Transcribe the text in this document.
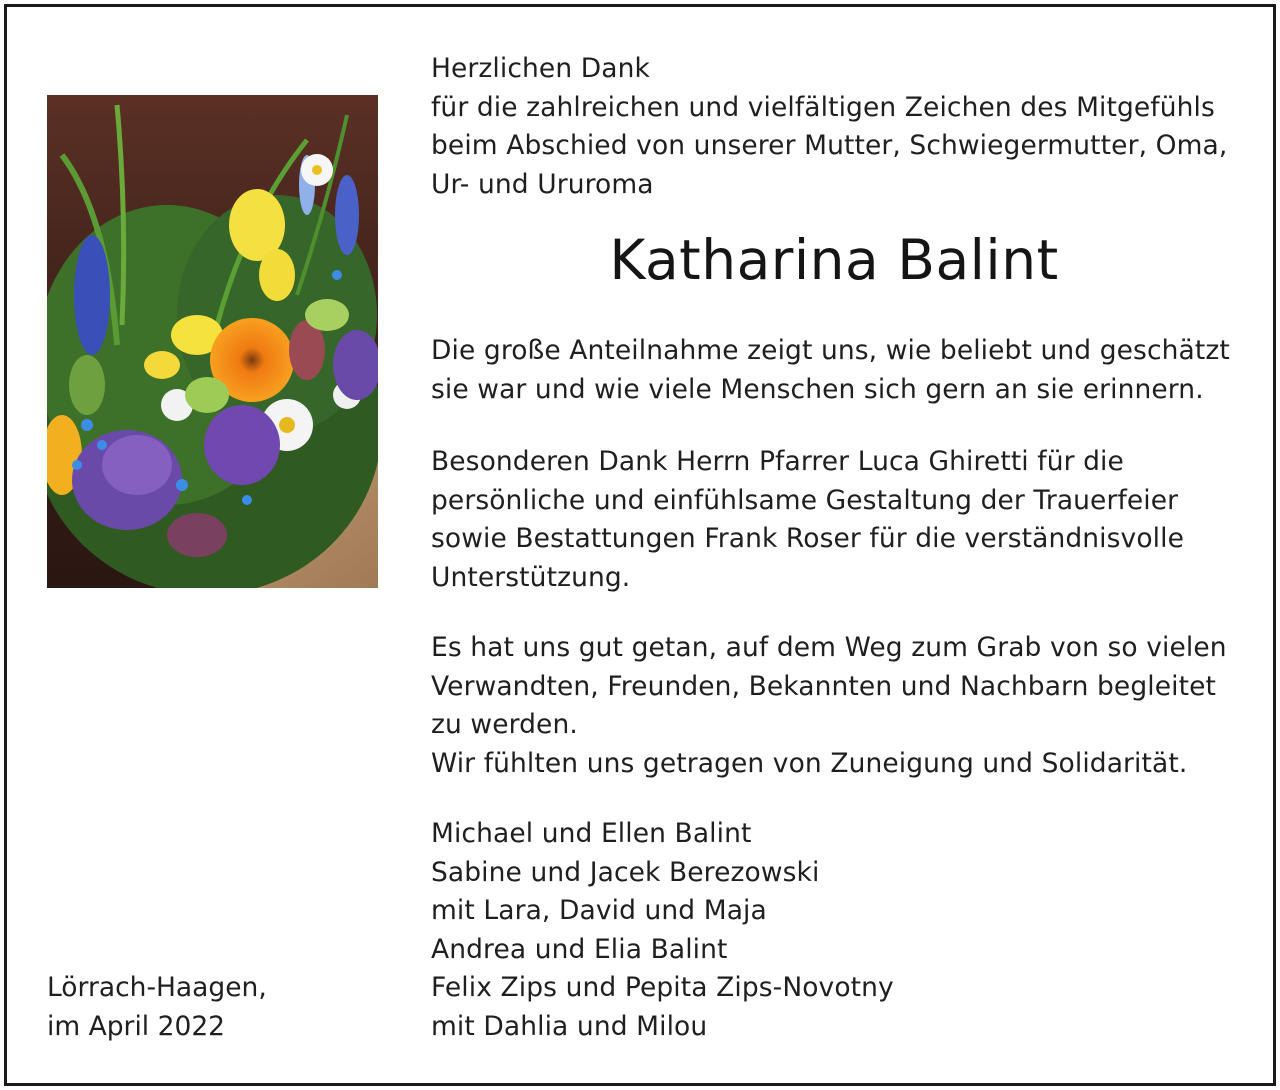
Herzlichen Dank
für die zahlreichen und vielfältigen Zeichen des Mitgefühls
beim Abschied von unserer Mutter, Schwiegermutter, Oma,
Ur- und Ururoma
Katharina Balint
Die große Anteilnahme zeigt uns, wie beliebt und geschätzt
sie war und wie viele Menschen sich gern an sie erinnern.
Besonderen Dank Herrn Pfarrer Luca Ghiretti für die
persönliche und einfühlsame Gestaltung der Trauerfeier
sowie Bestattungen Frank Roser für die verständnisvolle
Unterstützung.
Es hat uns gut getan, auf dem Weg zum Grab von so vielen
Verwandten, Freunden, Bekannten und Nachbarn begleitet
zu werden.
Wir fühlten uns getragen von Zuneigung und Solidarität.
Michael und Ellen Balint
Sabine und Jacek Berezowski
mit Lara, David und Maja
Andrea und Elia Balint
Felix Zips und Pepita Zips-Novotny
mit Dahlia und Milou
Lörrach-Haagen,
im April 2022
